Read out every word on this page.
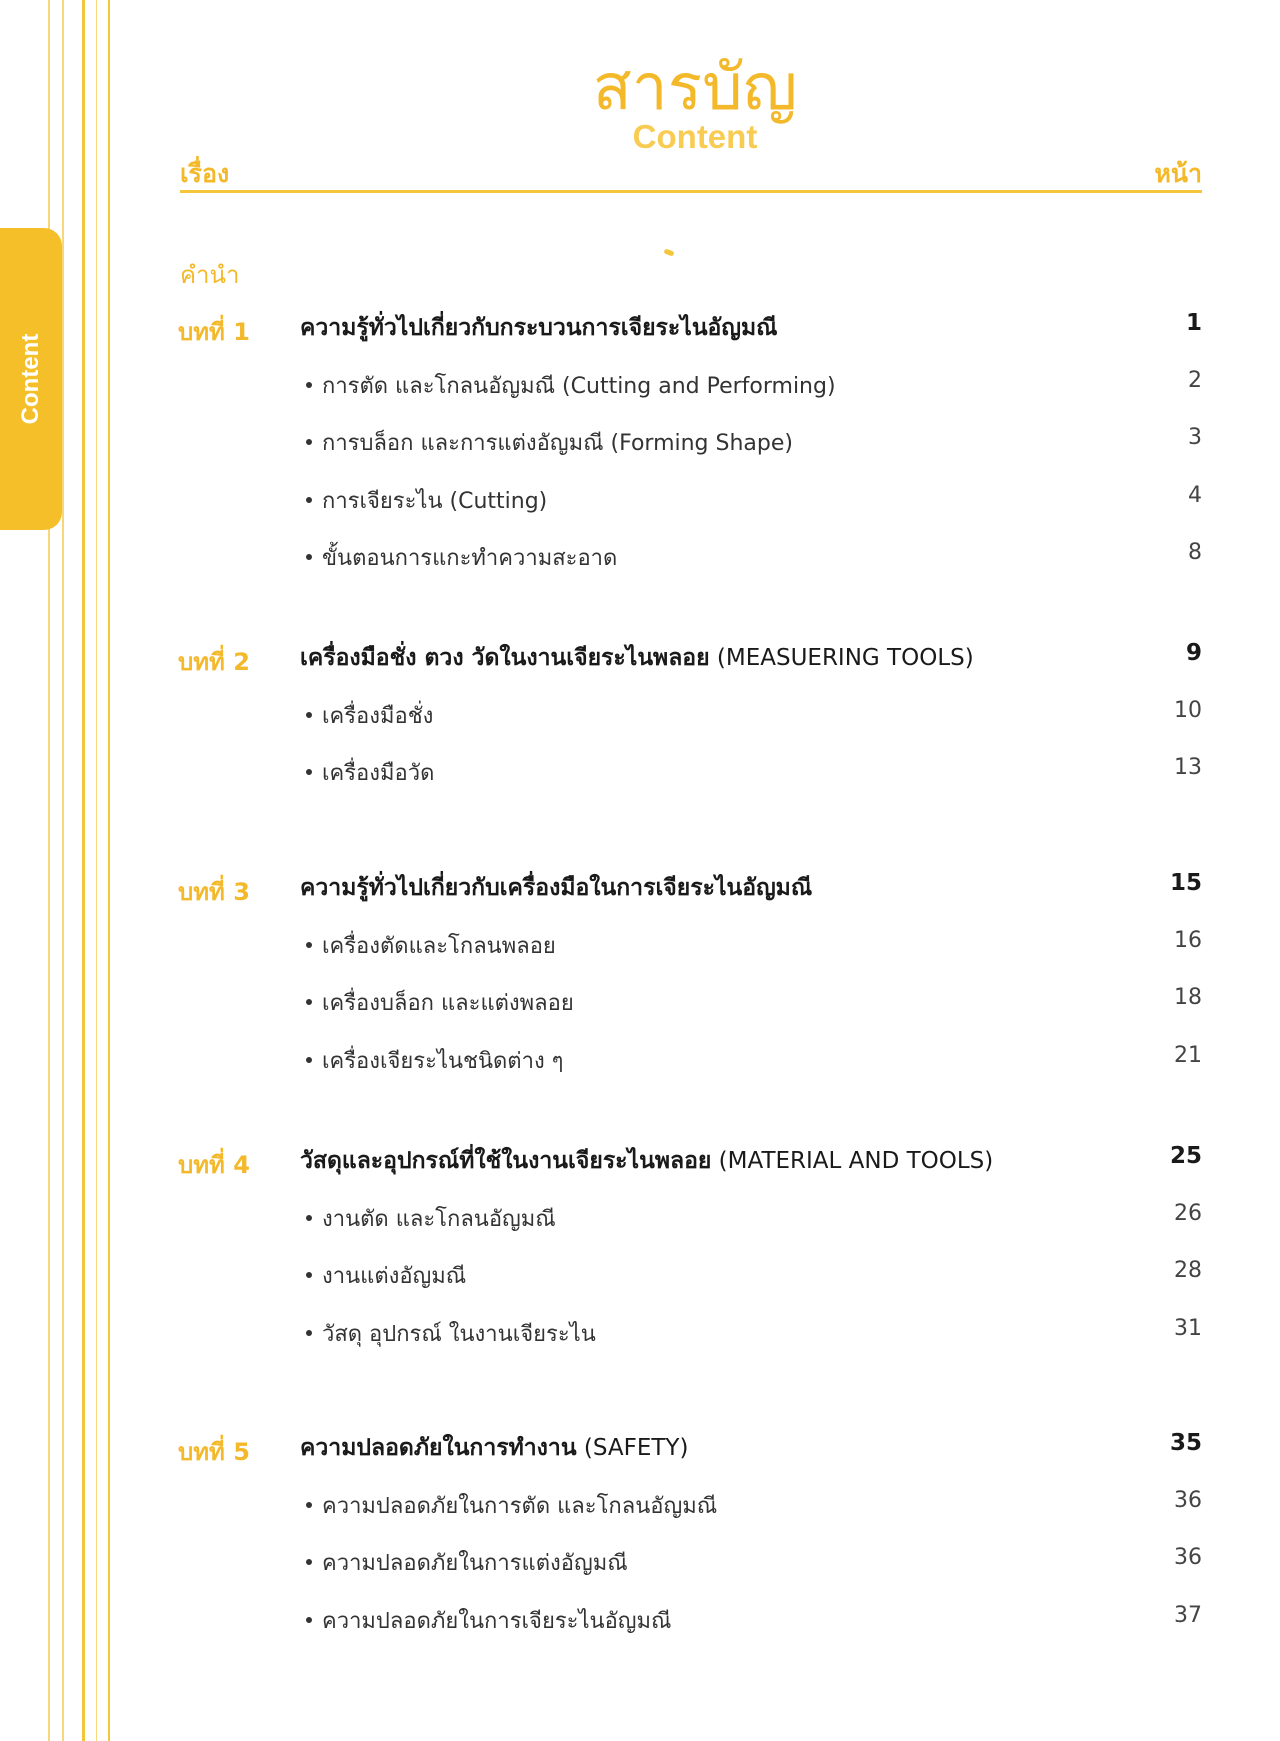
Content
สารบัญ
Content
เรื่อง	หน้า
คำนำ
บทที่ 1 ความรู้ทั่วไปเกี่ยวกับกระบวนการเจียระไนอัญมณี	1
การตัด และโกลนอัญมณี (Cutting and Performing)	2
การบล็อก และการแต่งอัญมณี (Forming Shape)	3
การเจียระไน (Cutting)	4
ขั้นตอนการแกะทำความสะอาด	8
บทที่ 2 เครื่องมือชั่ง ตวง วัดในงานเจียระไนพลอย (MEASUERING TOOLS)	9
เครื่องมือชั่ง	10
เครื่องมือวัด	13
บทที่ 3 ความรู้ทั่วไปเกี่ยวกับเครื่องมือในการเจียระไนอัญมณี	15
เครื่องตัดและโกลนพลอย	16
เครื่องบล็อก และแต่งพลอย	18
เครื่องเจียระไนชนิดต่าง ๆ	21
บทที่ 4 วัสดุและอุปกรณ์ที่ใช้ในงานเจียระไนพลอย (MATERIAL AND TOOLS)	25
งานตัด และโกลนอัญมณี	26
งานแต่งอัญมณี	28
วัสดุ อุปกรณ์ ในงานเจียระไน	31
บทที่ 5 ความปลอดภัยในการทำงาน (SAFETY)	35
ความปลอดภัยในการตัด และโกลนอัญมณี	36
ความปลอดภัยในการแต่งอัญมณี	36
ความปลอดภัยในการเจียระไนอัญมณี	37
